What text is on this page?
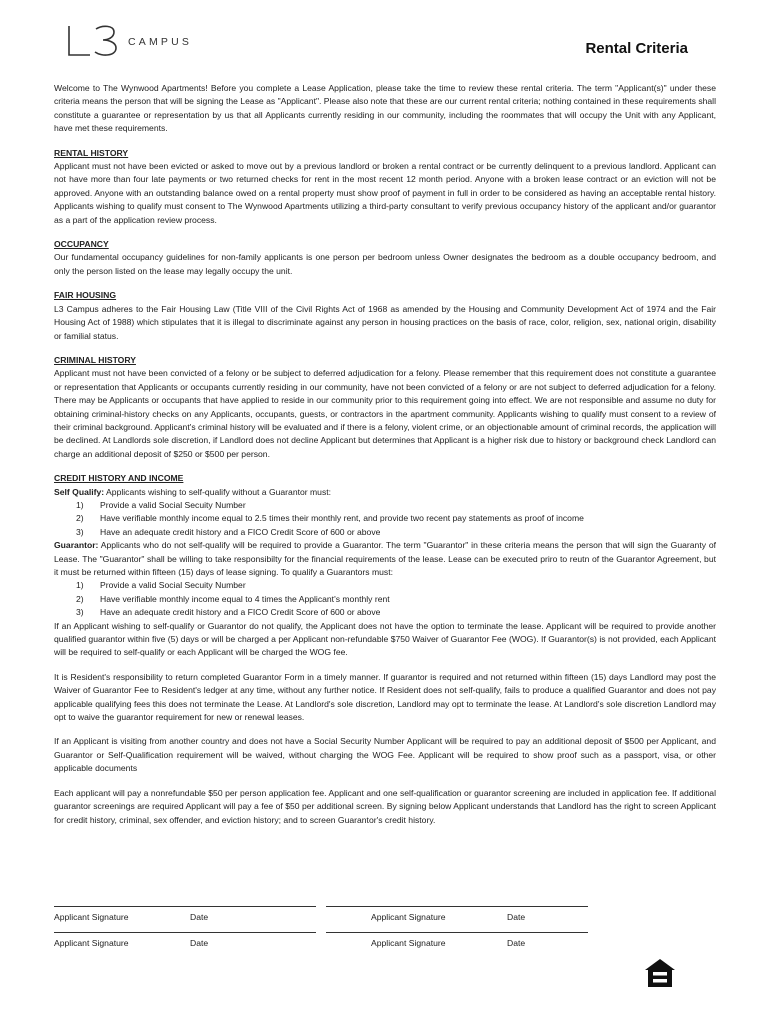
CAMPUS	Rental Criteria

Welcome to The Wynwood Apartments! Before you complete a Lease Application, please take the time to review these rental criteria. The term "Applicant(s)" under these criteria means the person that will be signing the Lease as "Applicant". Please also note that these are our current rental criteria; nothing contained in these requirements shall constitute a guarantee or representation by us that all Applicants currently residing in our community, including the roommates that will occupy the Unit with any Applicant, have met these requirements.

RENTAL HISTORY

Applicant must not have been evicted or asked to move out by a previous landlord or broken a rental contract or be currently delinquent to a previous landlord. Applicant can not have more than four late payments or two returned checks for rent in the most recent 12 month period. Anyone with a broken lease contract or an eviction will not be approved. Anyone with an outstanding balance owed on a rental property must show proof of payment in full in order to be considered as having an acceptable rental history. Applicants wishing to qualify must consent to The Wynwood Apartments utilizing a third-party consultant to verify previous occupancy history of the applicant and/or guarantor as a part of the application review process.

OCCUPANCY

Our fundamental occupancy guidelines for non-family applicants is one person per bedroom unless Owner designates the bedroom as a double occupancy bedroom, and only the person listed on the lease may legally occupy the unit.

FAIR HOUSING

L3 Campus adheres to the Fair Housing Law (Title VIII of the Civil Rights Act of 1968 as amended by the Housing and Community Development Act of 1974 and the Fair Housing Act of 1988) which stipulates that it is illegal to discriminate against any person in housing practices on the basis of race, color, religion, sex, national origin, disability or familial status.

CRIMINAL HISTORY

Applicant must not have been convicted of a felony or be subject to deferred adjudication for a felony. Please remember that this requirement does not constitute a guarantee or representation that Applicants or occupants currently residing in our community, have not been convicted of a felony or are not subject to deferred adjudication for a felony. There may be Applicants or occupants that have applied to reside in our community prior to this requirement going into effect. We are not responsible and assume no duty for obtaining criminal-history checks on any Applicants, occupants, guests, or contractors in the apartment community. Applicants wishing to qualify must consent to a review of their criminal background. Applicant's criminal history will be evaluated and if there is a felony, violent crime, or an objectionable amount of criminal records, the application will be declined. At Landlords sole discretion, if Landlord does not decline Applicant but determines that Applicant is a higher risk due to history or background check Landlord can charge an additional deposit of $250 or $500 per person.

CREDIT HISTORY AND INCOME

Self Qualify: Applicants wishing to self-qualify without a Guarantor must:

1) Provide a valid Social Secuity Number
2) Have verifiable monthly income equal to 2.5 times their monthly rent, and provide two recent pay statements as proof of income
3) Have an adequate credit history and a FICO Credit Score of 600 or above

Guarantor: Applicants who do not self-qualify will be required to provide a Guarantor. The term "Guarantor" in these criteria means the person that will sign the Guaranty of Lease. The "Guarantor" shall be willing to take responsibilty for the financial requirements of the lease. Lease can be executed priro to reutn of the Guarantor Agreement, but it must be returned within fifteen (15) days of lease signing. To qualify a Guarantors must:

1) Provide a valid Social Secuity Number
2) Have verifiable monthly income equal to 4 times the Applicant's monthly rent
3) Have an adequate credit history and a FICO Credit Score of 600 or above

If an Applicant wishing to self-qualify or Guarantor do not qualify, the Applicant does not have the option to terminate the lease. Applicant will be required to provide another qualified guarantor within five (5) days or will be charged a per Applicant non-refundable $750 Waiver of Guarantor Fee (WOG). If Guarantor(s) is not provided, each Applicant will be required to self-qualify or each Applicant will be charged the WOG fee.

It is Resident's responsibility to return completed Guarantor Form in a timely manner. If guarantor is required and not returned within fifteen (15) days Landlord may post the Waiver of Guarantor Fee to Resident's ledger at any time, without any further notice. If Resident does not self-qualify, fails to produce a qualified Guarantor and does not pay applicable qualifying fees this does not terminate the Lease. At Landlord's sole discretion, Landlord may opt to terminate the lease. At Landlord's sole discretion Landlord may opt to waive the guarantor requirement for new or renewal leases.

If an Applicant is visiting from another country and does not have a Social Security Number Applicant will be required to pay an additional deposit of $500 per Applicant, and Guarantor or Self-Qualification requirement will be waived, without charging the WOG Fee. Applicant will be required to show proof such as a passport, visa, or other applicable documents

Each applicant will pay a nonrefundable $50 per person application fee. Applicant and one self-qualification or guarantor screening are included in application fee. If additional guarantor screenings are required Applicant will pay a fee of $50 per additional screen. By signing below Applicant understands that Landlord has the right to screen Applicant for credit history, criminal, sex offender, and eviction history; and to screen Guarantor's credit history.

Applicant Signature	Date	Applicant Signature	Date
Applicant Signature	Date	Applicant Signature	Date
